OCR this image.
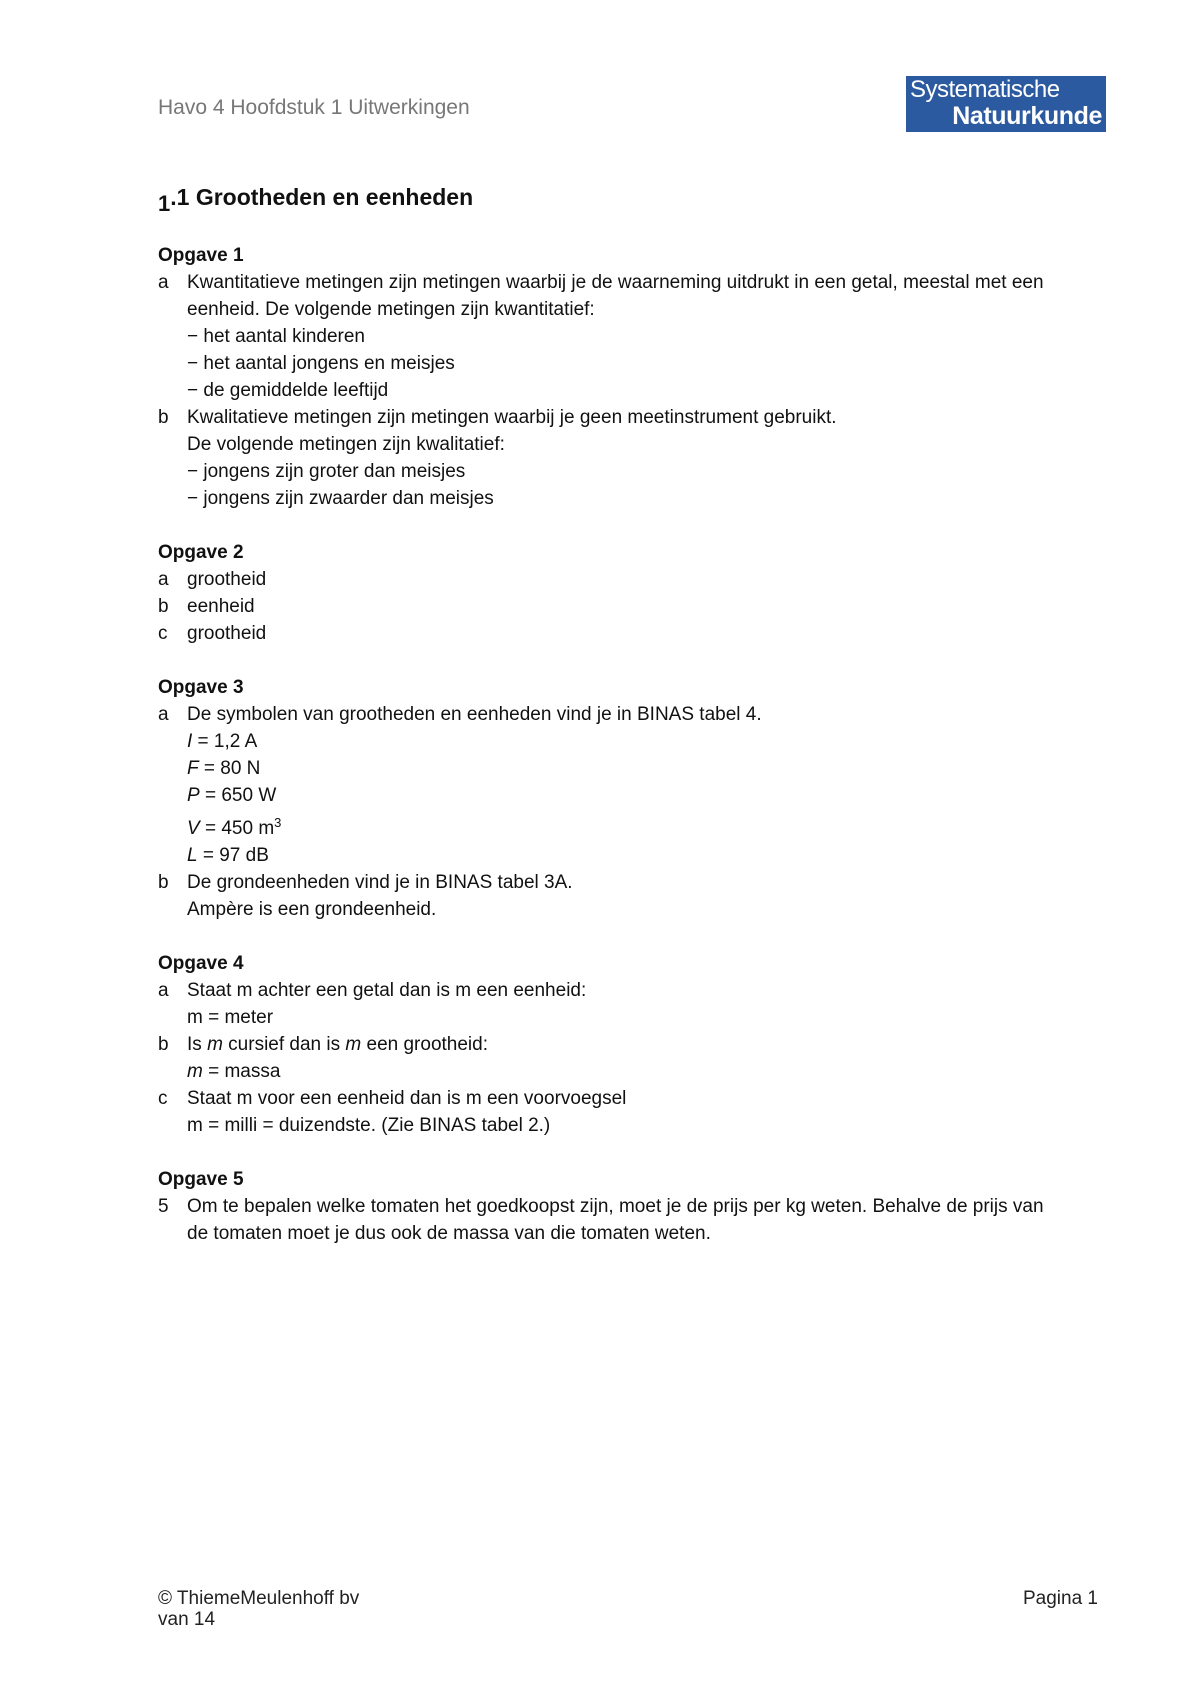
Havo 4 Hoofdstuk 1 Uitwerkingen
Systematische
Natuurkunde
1.1 Grootheden en eenheden
Opgave 1
a Kwantitatieve metingen zijn metingen waarbij je de waarneming uitdrukt in een getal, meestal met een eenheid. De volgende metingen zijn kwantitatief:

− het aantal kinderen

− het aantal jongens en meisjes

− de gemiddelde leeftijd

b Kwalitatieve metingen zijn metingen waarbij je geen meetinstrument gebruikt.

De volgende metingen zijn kwalitatief:

− jongens zijn groter dan meisjes

− jongens zijn zwaarder dan meisjes

Opgave 2
a grootheid

b eenheid

c	grootheid

Opgave 3
a De symbolen van grootheden en eenheden vind je in BINAS tabel 4.

I = 1,2 A

F = 80 N

P = 650 W

V = 450 $m^3$

L = 97 dB

b De grondeenheden vind je in BINAS tabel 3A.

Ampère is een grondeenheid.

Opgave 4
a Staat m achter een getal dan is m een eenheid:

m = meter

b Is m cursief dan is m een grootheid:

m = massa

c	Staat m voor een eenheid dan is m een voorvoegsel

m = milli = duizendste. (Zie BINAS tabel 2.)

Opgave 5
5 Om te bepalen welke tomaten het goedkoopst zijn, moet je de prijs per kg weten. Behalve de prijs van de tomaten moet je dus ook de massa van die tomaten weten.

© ThiemeMeulenhoff bv	Pagina 1
van 14
